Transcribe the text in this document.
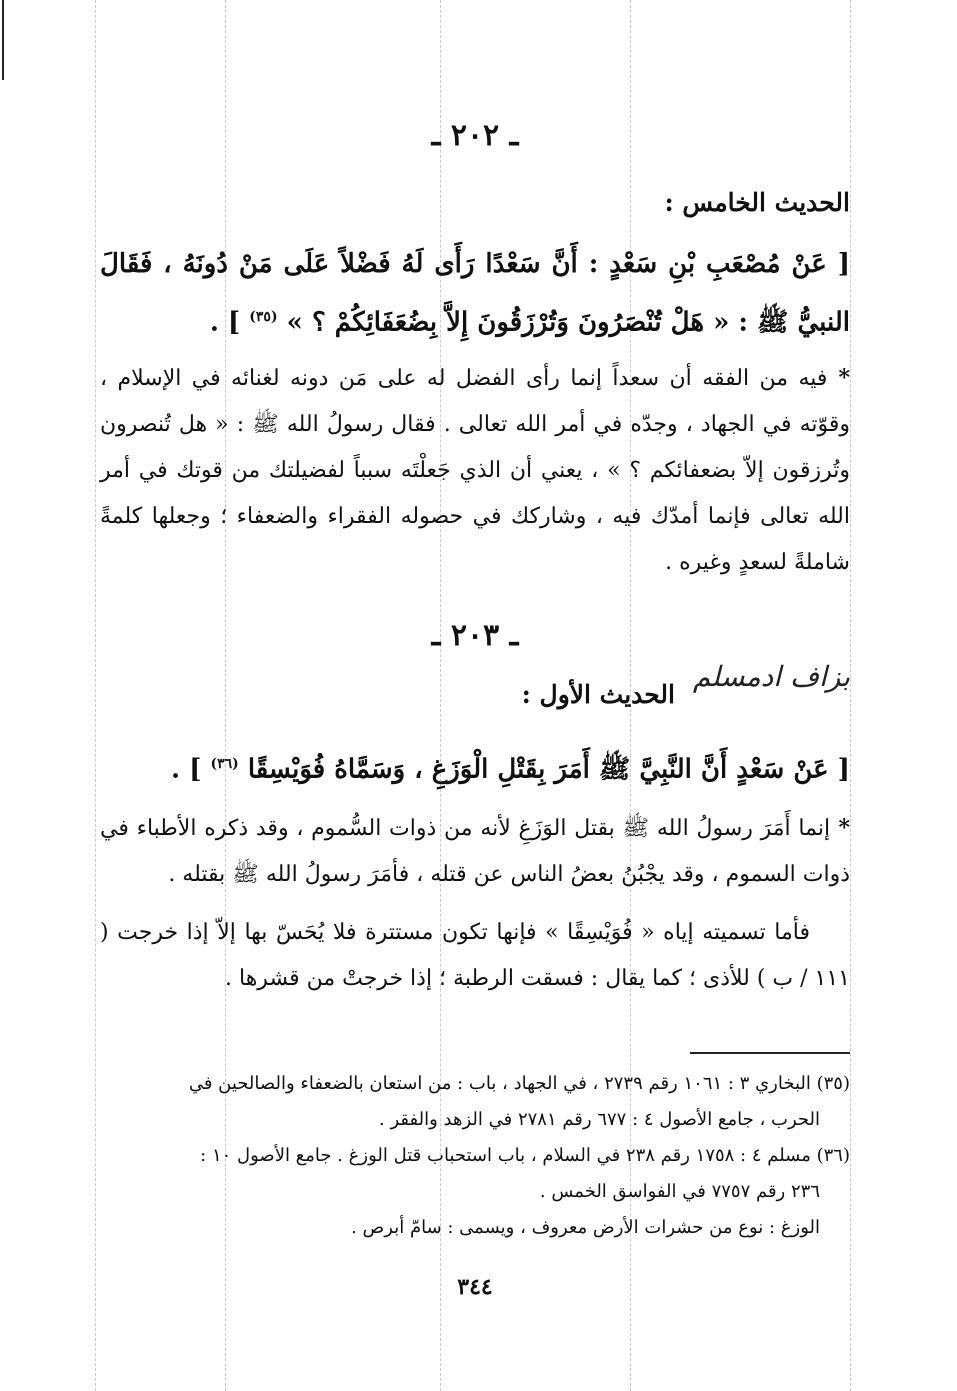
ـ ٢٠٢ ـ
الحديث الخامس :
[ عَنْ مُصْعَبِ بْنِ سَعْدٍ : أَنَّ سَعْدًا رَأَى لَهُ فَضْلاً عَلَى مَنْ دُونَهُ ، فَقَالَ النبيُّ ﷺ : « هَلْ تُنْصَرُونَ وَتُرْزَقُونَ إِلاَّ بِضُعَفَائِكُمْ ؟ » $^{(٣٥)}$ ] .
* فيه من الفقه أن سعداً إنما رأى الفضل له على مَن دونه لغنائه في الإسلام ، وقوّته في الجهاد ، وجدّه في أمر الله تعالى . فقال رسولُ الله ﷺ : « هل تُنصرون وتُرزقون إلاّ بضعفائكم ؟ » ، يعني أن الذي جَعلْتَه سبباً لفضيلتك من قوتك في أمر الله تعالى فإنما أمدّك فيه ، وشاركك في حصوله الفقراء والضعفاء ؛ وجعلها كلمةً شاملةً لسعدٍ وغيره .
ـ ٢٠٣ ـ
بزاف ادمسلم
الحديث الأول :
[ عَنْ سَعْدٍ أَنَّ النَّبِيَّ ﷺ أَمَرَ بِقَتْلِ الْوَزَغِ ، وَسَمَّاهُ فُوَيْسِقًا $^{(٣٦)}$ ] .
* إنما أَمَرَ رسولُ الله ﷺ بقتل الوَزَغِ لأنه من ذوات السُّموم ، وقد ذكره الأطباء في ذوات السموم ، وقد يجْبُنُ بعضُ الناس عن قتله ، فأمَرَ رسولُ الله ﷺ بقتله .
فأما تسميته إياه « فُوَيْسِقًا » فإنها تكون مستترة فلا يُحَسّ بها إلاّ إذا خرجت ( ١١١ / ب ) للأذى ؛ كما يقال : فسقت الرطبة ؛ إذا خرجتْ من قشرها .

(٣٥) البخاري ٣ : ١٠٦١ رقم ٢٧٣٩ ، في الجهاد ، باب : من استعان بالضعفاء والصالحين في

الحرب ، جامع الأصول ٤ : ٦٧٧ رقم ٢٧٨١ في الزهد والفقر .

(٣٦) مسلم ٤ : ١٧٥٨ رقم ٢٣٨ في السلام ، باب استحباب قتل الوزغ . جامع الأصول ١٠ :

٢٣٦ رقم ٧٧٥٧ في الفواسق الخمس .

الوزغ : نوع من حشرات الأرض معروف ، ويسمى : سامّ أبرص .

٣٤٤
